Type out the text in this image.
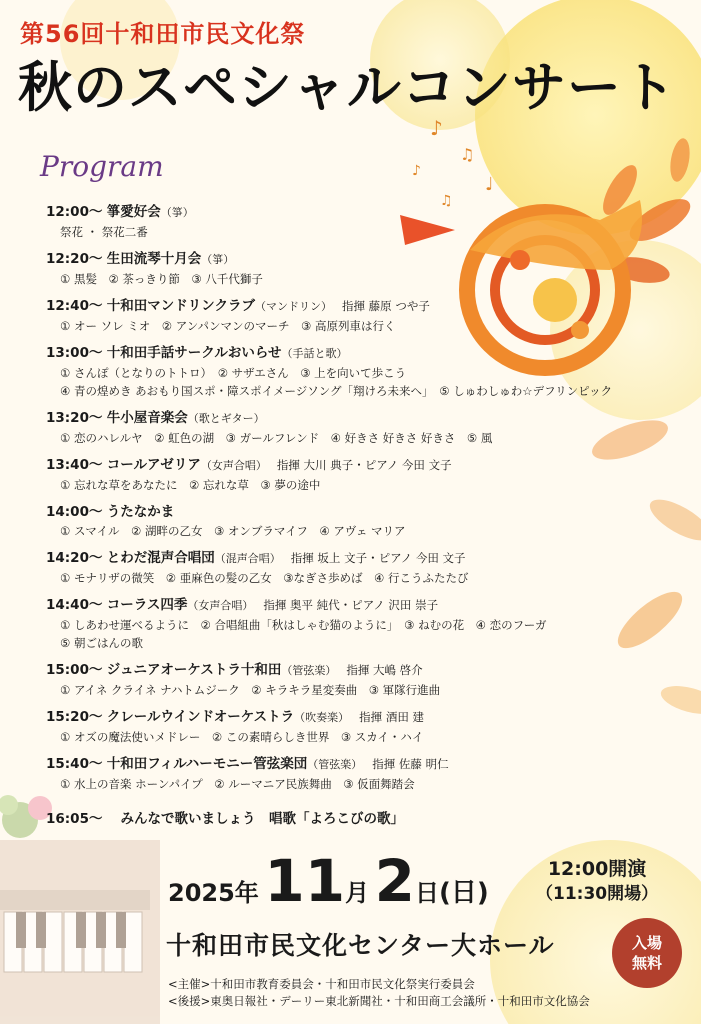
♪
♫
♪
♩
♫
第56回十和田市民文化祭
秋のスペシャルコンサート
Program
12:00〜 箏愛好会（箏）
祭花 ・ 祭花二番
12:20〜 生田流琴十月会（箏）
① 黒髪　② 茶っきり節　③ 八千代獅子
12:40〜 十和田マンドリンクラブ（マンドリン） 指揮 藤原 つや子
① オー ソレ ミオ　② アンパンマンのマーチ　③ 高原列車は行く
13:00〜 十和田手話サークルおいらせ（手話と歌）
① さんぽ（となりのトトロ）　② サザエさん　③ 上を向いて歩こう
④ 青の煌めき あおもり国スポ・障スポイメージソング「翔けろ未来へ」　⑤ しゅわしゅわ☆デフリンピック
13:20〜 牛小屋音楽会（歌とギター）
① 恋のハレルヤ　② 虹色の湖　③ ガールフレンド　④ 好きさ 好きさ 好きさ　⑤ 風
13:40〜 コールアゼリア（女声合唱） 指揮 大川 典子・ピアノ 今田 文子
① 忘れな草をあなたに　② 忘れな草　③ 夢の途中
14:00〜 うたなかま
① スマイル　② 湖畔の乙女　③ オンブラマイフ　④ アヴェ マリア
14:20〜 とわだ混声合唱団（混声合唱） 指揮 坂上 文子・ピアノ 今田 文子
① モナリザの微笑　② 亜麻色の髪の乙女　③なぎさ歩めば　④ 行こうふたたび
14:40〜 コーラス四季（女声合唱） 指揮 奥平 純代・ピアノ 沢田 崇子
① しあわせ運べるように　② 合唱組曲「秋はしゃむ猫のように」　③ ねむの花　④ 恋のフーガ
⑤ 朝ごはんの歌
15:00〜 ジュニアオーケストラ十和田（管弦楽） 指揮 大嶋 啓介
① アイネ クライネ ナハトムジーク　② キラキラ星変奏曲　③ 軍隊行進曲
15:20〜 クレールウインドオーケストラ（吹奏楽） 指揮 酒田 建
① オズの魔法使いメドレー　② この素晴らしき世界　③ スカイ・ハイ
15:40〜 十和田フィルハーモニー管弦楽団（管弦楽） 指揮 佐藤 明仁
① 水上の音楽 ホーンパイプ　② ルーマニア民族舞曲　③ 仮面舞踏会
16:05〜 みんなで歌いましょう　唱歌「よろこびの歌」
2025年 11月 2日(日)
12:00開演
（11:30開場）
十和田市民文化センター大ホール	入場
無料
<主催>十和田市教育委員会・十和田市民文化祭実行委員会
<後援>東奥日報社・デーリー東北新聞社・十和田商工会議所・十和田市文化協会
